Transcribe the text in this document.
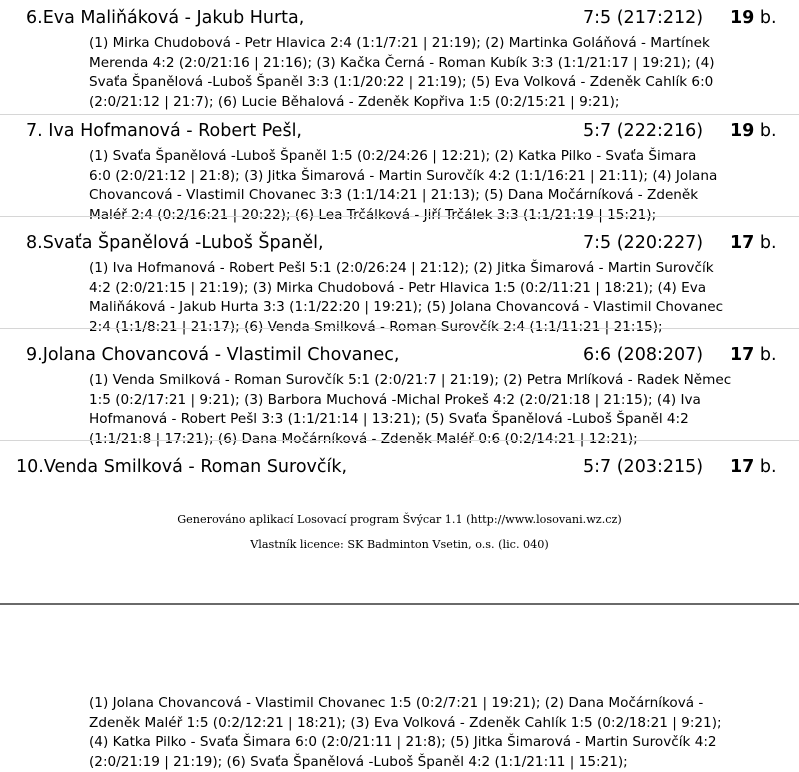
6.Eva Maliňáková - Jakub Hurta,	7:5 (217:212) 19 b.
(1) Mirka Chudobová - Petr Hlavica 2:4 (1:1/7:21 | 21:19); (2) Martinka Goláňová - Martínek
Merenda 4:2 (2:0/21:16 | 21:16); (3) Kačka Černá - Roman Kubík 3:3 (1:1/21:17 | 19:21); (4)
Svaťa Španělová -Luboš Španěl 3:3 (1:1/20:22 | 21:19); (5) Eva Volková - Zdeněk Cahlík 6:0
(2:0/21:12 | 21:7); (6) Lucie Běhalová - Zdeněk Kopřiva 1:5 (0:2/15:21 | 9:21);
7. Iva Hofmanová - Robert Pešl,	5:7 (222:216) 19 b.
(1) Svaťa Španělová -Luboš Španěl 1:5 (0:2/24:26 | 12:21); (2) Katka Pilko - Svaťa Šimara
6:0 (2:0/21:12 | 21:8); (3) Jitka Šimarová - Martin Surovčík 4:2 (1:1/16:21 | 21:11); (4) Jolana
Chovancová - Vlastimil Chovanec 3:3 (1:1/14:21 | 21:13); (5) Dana Močárníková - Zdeněk
Maléř 2:4 (0:2/16:21 | 20:22); (6) Lea Trčálková - Jiří Trčálek 3:3 (1:1/21:19 | 15:21);
8.Svaťa Španělová -Luboš Španěl,	7:5 (220:227) 17 b.
(1) Iva Hofmanová - Robert Pešl 5:1 (2:0/26:24 | 21:12); (2) Jitka Šimarová - Martin Surovčík
4:2 (2:0/21:15 | 21:19); (3) Mirka Chudobová - Petr Hlavica 1:5 (0:2/11:21 | 18:21); (4) Eva
Maliňáková - Jakub Hurta 3:3 (1:1/22:20 | 19:21); (5) Jolana Chovancová - Vlastimil Chovanec
2:4 (1:1/8:21 | 21:17); (6) Venda Smilková - Roman Surovčík 2:4 (1:1/11:21 | 21:15);
9.Jolana Chovancová - Vlastimil Chovanec,	6:6 (208:207) 17 b.
(1) Venda Smilková - Roman Surovčík 5:1 (2:0/21:7 | 21:19); (2) Petra Mrlíková - Radek Němec
1:5 (0:2/17:21 | 9:21); (3) Barbora Muchová -Michal Prokeš 4:2 (2:0/21:18 | 21:15); (4) Iva
Hofmanová - Robert Pešl 3:3 (1:1/21:14 | 13:21); (5) Svaťa Španělová -Luboš Španěl 4:2
(1:1/21:8 | 17:21); (6) Dana Močárníková - Zdeněk Maléř 0:6 (0:2/14:21 | 12:21);
10.Venda Smilková - Roman Surovčík,	5:7 (203:215) 17 b.
Generováno aplikací Losovací program Švýcar 1.1 (http://www.losovani.wz.cz)
Vlastník licence: SK Badminton Vsetin, o.s. (lic. 040)
(1) Jolana Chovancová - Vlastimil Chovanec 1:5 (0:2/7:21 | 19:21); (2) Dana Močárníková -
Zdeněk Maléř 1:5 (0:2/12:21 | 18:21); (3) Eva Volková - Zdeněk Cahlík 1:5 (0:2/18:21 | 9:21);
(4) Katka Pilko - Svaťa Šimara 6:0 (2:0/21:11 | 21:8); (5) Jitka Šimarová - Martin Surovčík 4:2
(2:0/21:19 | 21:19); (6) Svaťa Španělová -Luboš Španěl 4:2 (1:1/21:11 | 15:21);
